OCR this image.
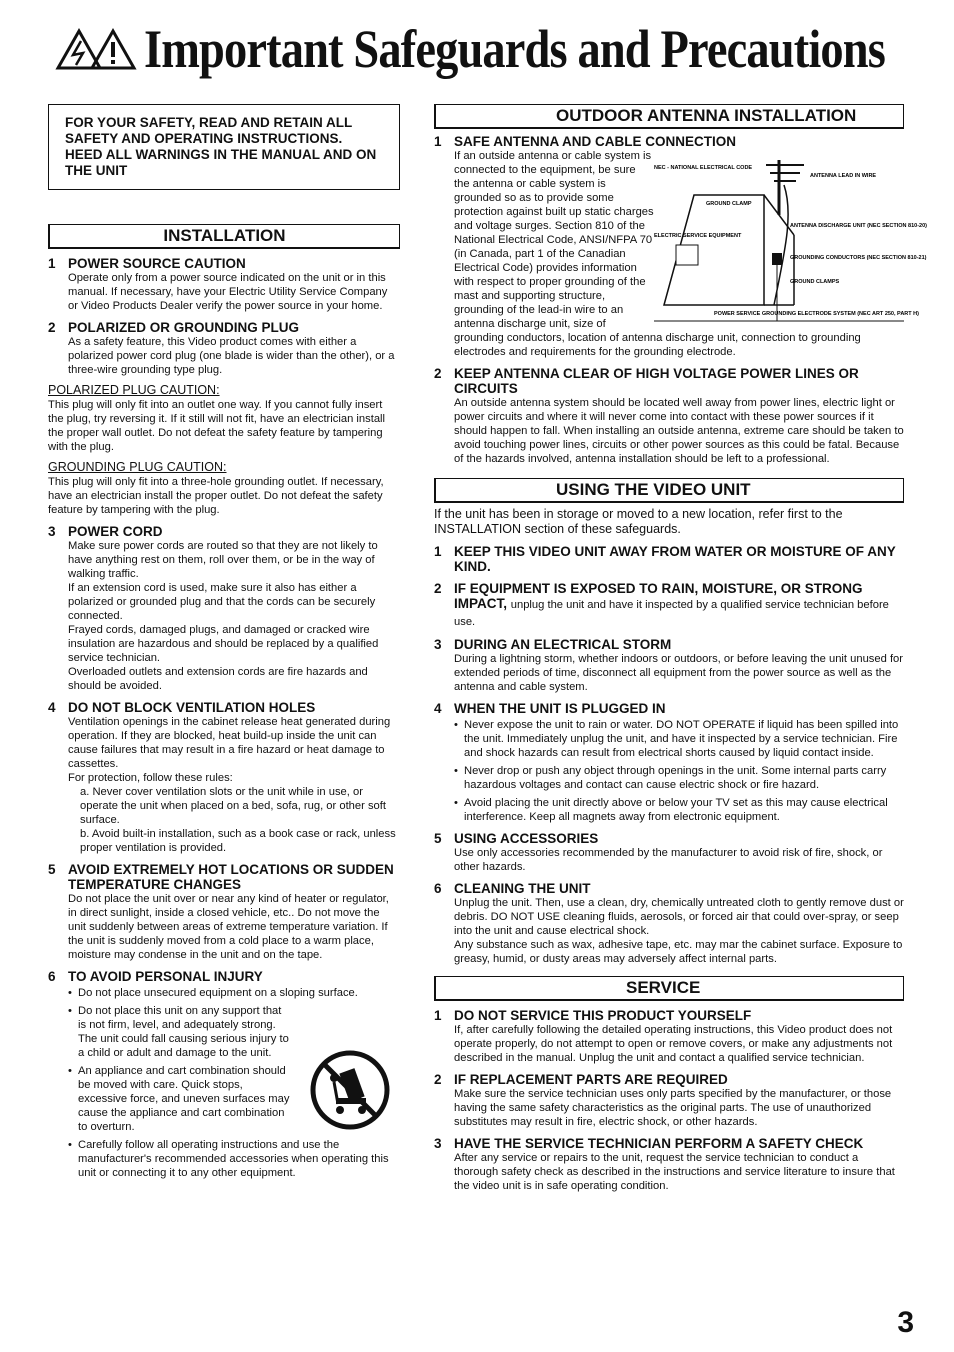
Important Safeguards and Precautions
FOR YOUR SAFETY, READ AND RETAIN ALL SAFETY AND OPERATING INSTRUCTIONS. HEED ALL WARNINGS IN THE MANUAL AND ON THE UNIT
INSTALLATION
1 POWER SOURCE CAUTION
Operate only from a power source indicated on the unit or in this manual. If necessary, have your Electric Utility Service Company or Video Products Dealer verify the power source in your home.
2 POLARIZED OR GROUNDING PLUG
As a safety feature, this Video product comes with either a polarized power cord plug (one blade is wider than the other), or a three-wire grounding type plug.
POLARIZED PLUG CAUTION:
This plug will only fit into an outlet one way. If you cannot fully insert the plug, try reversing it. If it still will not fit, have an electrician install the proper wall outlet. Do not defeat the safety feature by tampering with the plug.
GROUNDING PLUG CAUTION:
This plug will only fit into a three-hole grounding outlet. If necessary, have an electrician install the proper outlet. Do not defeat the safety feature by tampering with the plug.
3 POWER CORD
Make sure power cords are routed so that they are not likely to have anything rest on them, roll over them, or be in the way of walking traffic.
If an extension cord is used, make sure it also has either a polarized or grounded plug and that the cords can be securely connected.
Frayed cords, damaged plugs, and damaged or cracked wire insulation are hazardous and should be replaced by a qualified service technician.
Overloaded outlets and extension cords are fire hazards and should be avoided.
4 DO NOT BLOCK VENTILATION HOLES
Ventilation openings in the cabinet release heat generated during operation. If they are blocked, heat build-up inside the unit can cause failures that may result in a fire hazard or heat damage to cassettes.
For protection, follow these rules:
a. Never cover ventilation slots or the unit while in use, or operate the unit when placed on a bed, sofa, rug, or other soft surface.
b. Avoid built-in installation, such as a book case or rack, unless proper ventilation is provided.
5 AVOID EXTREMELY HOT LOCATIONS OR SUDDEN TEMPERATURE CHANGES
Do not place the unit over or near any kind of heater or regulator, in direct sunlight, inside a closed vehicle, etc.. Do not move the unit suddenly between areas of extreme temperature variation. If the unit is suddenly moved from a cold place to a warm place, moisture may condense in the unit and on the tape.
6 TO AVOID PERSONAL INJURY
• Do not place unsecured equipment on a sloping surface.
• Do not place this unit on any support that is not firm, level, and adequately strong. The unit could fall causing serious injury to a child or adult and damage to the unit.
• An appliance and cart combination should be moved with care. Quick stops, excessive force, and uneven surfaces may cause the appliance and cart combination to overturn.
• Carefully follow all operating instructions and use the manufacturer's recommended accessories when operating this unit or connecting it to any other equipment.
OUTDOOR ANTENNA INSTALLATION
1 SAFE ANTENNA AND CABLE CONNECTION
NEC - NATIONAL ELECTRICAL CODE
ANTENNA LEAD IN WIRE
GROUND CLAMP
ANTENNA DISCHARGE UNIT (NEC SECTION 810-20)
ELECTRIC SERVICE EQUIPMENT
GROUNDING CONDUCTORS (NEC SECTION 810-21)
GROUND CLAMPS
POWER SERVICE GROUNDING ELECTRODE SYSTEM (NEC ART 250, PART H)
If an outside antenna or cable system is connected to the equipment, be sure the antenna or cable system is grounded so as to provide some protection against built up static charges and voltage surges. Section 810 of the National Electrical Code, ANSI/NFPA 70 (in Canada, part 1 of the Canadian Electrical Code) provides information with respect to proper grounding of the mast and supporting structure, grounding of the lead-in wire to an antenna discharge unit, size of grounding conductors, location of antenna discharge unit, connection to grounding electrodes and requirements for the grounding electrode.
2 KEEP ANTENNA CLEAR OF HIGH VOLTAGE POWER LINES OR CIRCUITS
An outside antenna system should be located well away from power lines, electric light or power circuits and where it will never come into contact with these power sources if it should happen to fall. When installing an outside antenna, extreme care should be taken to avoid touching power lines, circuits or other power sources as this could be fatal. Because of the hazards involved, antenna installation should be left to a professional.
USING THE VIDEO UNIT
If the unit has been in storage or moved to a new location, refer first to the INSTALLATION section of these safeguards.
1 KEEP THIS VIDEO UNIT AWAY FROM WATER OR MOISTURE OF ANY KIND.
2 IF EQUIPMENT IS EXPOSED TO RAIN, MOISTURE, OR STRONG IMPACT, unplug the unit and have it inspected by a qualified service technician before use.
3 DURING AN ELECTRICAL STORM
During a lightning storm, whether indoors or outdoors, or before leaving the unit unused for extended periods of time, disconnect all equipment from the power source as well as the antenna and cable system.
4 WHEN THE UNIT IS PLUGGED IN
• Never expose the unit to rain or water. DO NOT OPERATE if liquid has been spilled into the unit. Immediately unplug the unit, and have it inspected by a service technician. Fire and shock hazards can result from electrical shorts caused by liquid contact inside.
• Never drop or push any object through openings in the unit. Some internal parts carry hazardous voltages and contact can cause electric shock or fire hazard.
• Avoid placing the unit directly above or below your TV set as this may cause electrical interference. Keep all magnets away from electronic equipment.
5 USING ACCESSORIES
Use only accessories recommended by the manufacturer to avoid risk of fire, shock, or other hazards.
6 CLEANING THE UNIT
Unplug the unit. Then, use a clean, dry, chemically untreated cloth to gently remove dust or debris. DO NOT USE cleaning fluids, aerosols, or forced air that could over-spray, or seep into the unit and cause electrical shock.
Any substance such as wax, adhesive tape, etc. may mar the cabinet surface. Exposure to greasy, humid, or dusty areas may adversely affect internal parts.
SERVICE
1 DO NOT SERVICE THIS PRODUCT YOURSELF
If, after carefully following the detailed operating instructions, this Video product does not operate properly, do not attempt to open or remove covers, or make any adjustments not described in the manual. Unplug the unit and contact a qualified service technician.
2 IF REPLACEMENT PARTS ARE REQUIRED
Make sure the service technician uses only parts specified by the manufacturer, or those having the same safety characteristics as the original parts. The use of unauthorized substitutes may result in fire, electric shock, or other hazards.
3 HAVE THE SERVICE TECHNICIAN PERFORM A SAFETY CHECK
After any service or repairs to the unit, request the service technician to conduct a thorough safety check as described in the instructions and service literature to insure that the video unit is in safe operating condition.
3
